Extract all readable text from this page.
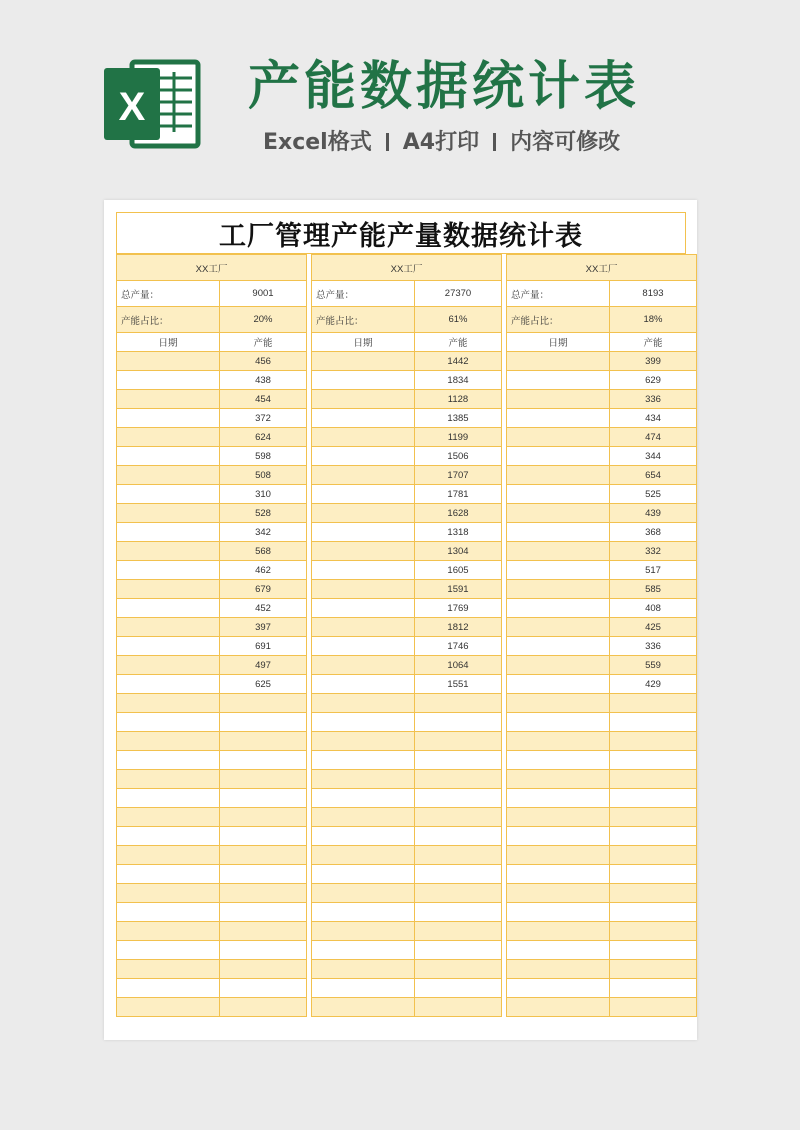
X 产能数据统计表
Excel格式 A4打印 内容可修改
工厂管理产能产量数据统计表
XX工厂	
总产量：	9001
产能占比：	20%
日期	产能
	456
	438
	454
	372
	624
	598
	508
	310
	528
	342
	568
	462
	679
	452
	397
	691
	497
	625

XX工厂	
总产量：	27370
产能占比：	61%
日期	产能
	1442
	1834
	1128
	1385
	1199
	1506
	1707
	1781
	1628
	1318
	1304
	1605
	1591
	1769
	1812
	1746
	1064
	1551

XX工厂	
总产量：	8193
产能占比：	18%
日期	产能
	399
	629
	336
	434
	474
	344
	654
	525
	439
	368
	332
	517
	585
	408
	425
	336
	559
	429
